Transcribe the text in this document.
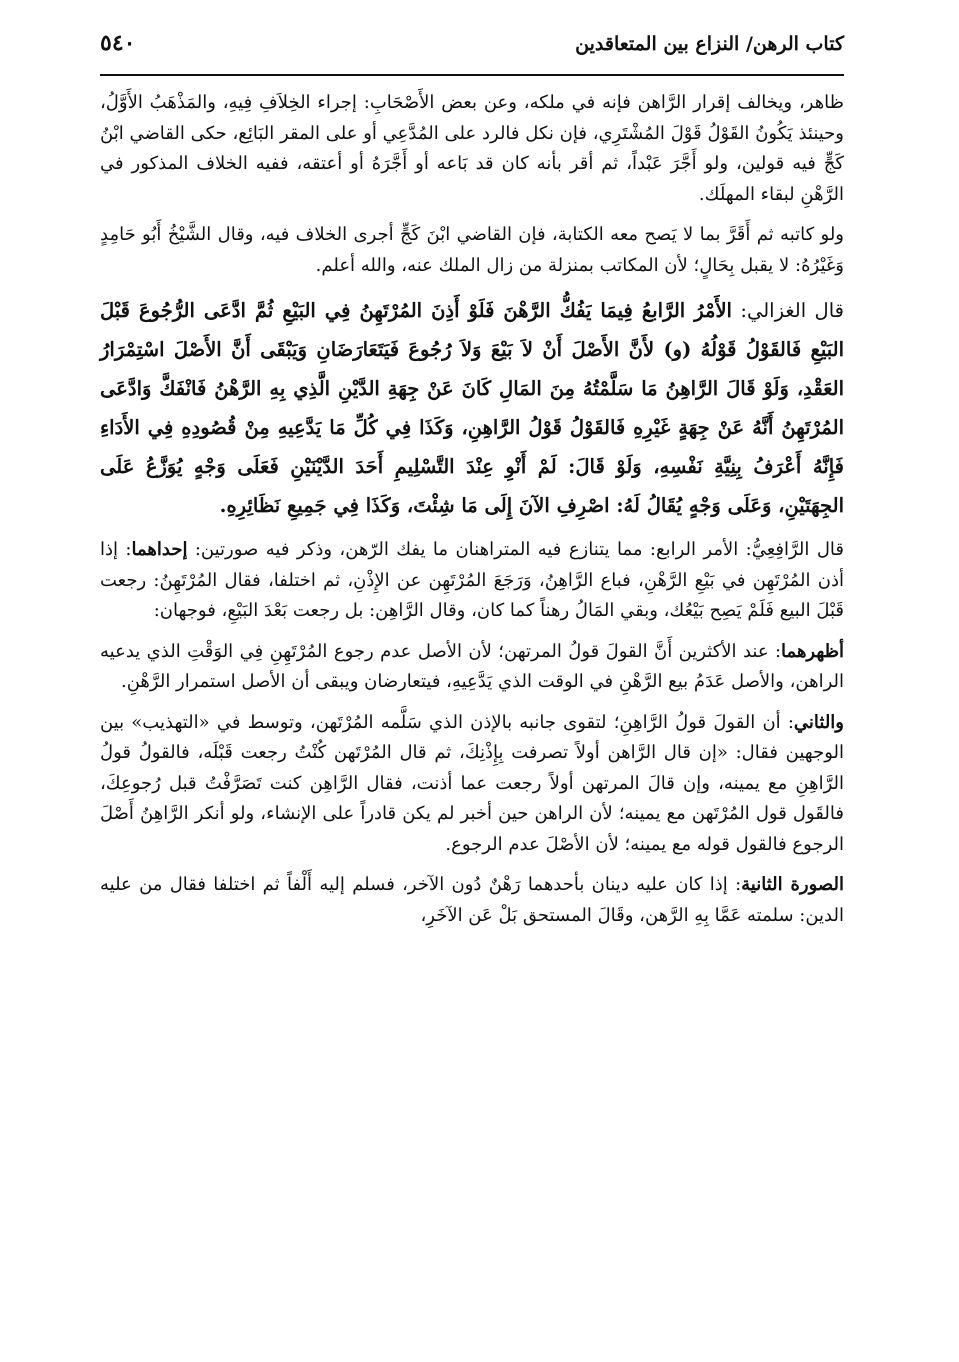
كتاب الرهن/ النزاع بين المتعاقدين
٥٤٠

ظاهر، ويخالف إقرار الرَّاهن فإنه في ملكه، وعن بعض الأَصْحَابِ: إجراء الخِلاَفِ فِيهِ، والمَذْهَبُ الأَوَّلُ، وحينئذ يَكُونُ القَوْلُ قَوْلَ المُشْتَرِي، فإن نكل فالرد على المُدَّعِي أو على المقر البَائِع، حكى القاضي ابْنُ كَجٍّ فيه قولين، ولو أَجَّرَ عَبْداً، ثم أقر بأنه كان قد بَاعه أو أَجَّرَهُ أو أعتقه، ففيه الخلاف المذكور في الرَّهْنِ لبقاء المهلَك.

ولو كاتبه ثم أَقَرَّ بما لا يَصح معه الكتابة، فإن القاضي ابْنَ كَجٍّ أجرى الخلاف فيه، وقال الشَّيْخُ أَبُو حَامِدٍ وَغَيْرُهُ: لا يقبل بِحَالٍ؛ لأن المكاتب بمنزلة من زال الملك عنه، والله أعلم.

قال الغزالي: الأَمْرُ الرَّابعُ فِيمَا يَفُكُّ الرَّهْنَ فَلَوْ أَذِنَ المُرْتَهِنُ فِي البَيْعِ ثُمَّ ادَّعَى الرُّجُوعَ قَبْلَ البَيْعِ فَالقَوْلُ قَوْلُهُ (و) لأَنَّ الأَصْلَ أَنْ لاَ بَيْعَ وَلاَ رُجُوعَ فَيَتَعَارَضَانِ وَيَبْقَى أَنَّ الأَصْلَ اسْتِمْرَارُ العَقْدِ، وَلَوْ قَالَ الرَّاهِنُ مَا سَلَّمْتُهُ مِنَ المَالِ كَانَ عَنْ جِهَةِ الدَّيْنِ الَّذِي بِهِ الرَّهْنُ فَانْفَكَّ وَادَّعَى المُرْتَهِنُ أَنَّهُ عَنْ جِهَةٍ غَيْرِهِ فَالقَوْلُ قَوْلُ الرَّاهِنِ، وَكَذَا فِي كُلِّ مَا يَدَّعِيهِ مِنْ قُصُودِهِ فِي الأَدَاءِ فَإِنَّهُ أَعْرَفُ بِنِيَّةِ نَفْسِهِ، وَلَوْ قَالَ: لَمْ أَنْوِ عِنْدَ التَّسْلِيمِ أَحَدَ الدَّيْنَيْنِ فَعَلَى وَجْهٍ يُوَزَّعُ عَلَى الجِهَتَيْنِ، وَعَلَى وَجْهٍ يُقَالُ لَهُ: اصْرِفِ الآنَ إِلَى مَا شِئْتَ، وَكَذَا فِي جَمِيعِ نَظَائِرِهِ.

قال الرَّافِعِيُّ: الأمر الرابع: مما يتنازع فيه المتراهنان ما يفك الرّهن، وذكر فيه صورتين: إحداهما: إذا أذن المُرْتَهِن في بَيْعِ الرَّهْنِ، فباع الرَّاهِنُ، وَرَجَعَ المُرْتَهِن عن الإِذْنِ، ثم اختلفا، فقال المُرْتَهِنُ: رجعت قَبْلَ البيع فَلَمْ يَصِح بَيْعُك، وبقي المَالُ رهناً كما كان، وقال الرَّاهِن: بل رجعت بَعْدَ البَيْعِ، فوجهان:

أظهرهما: عند الأكثرين أَنَّ القولَ قولُ المرتهن؛ لأن الأصل عدم رجوع المُرْتَهِنِ فِي الوَقْتِ الذي يدعيه الراهن، والأصل عَدَمُ بيع الرَّهْنِ في الوقت الذي يَدَّعِيهِ، فيتعارضان ويبقى أن الأصل استمرار الرَّهْنِ.

والثاني: أن القولَ قولُ الرَّاهِنِ؛ لتقوى جانبه بالإذن الذي سَلَّمه المُرْتَهن، وتوسط في «التهذيب» بين الوجهين فقال: «إن قال الرَّاهن أولاً تصرفت بِإِذْنِكَ، ثم قال المُرْتَهن كُنْتُ رجعت قَبْلَه، فالقولُ قولُ الرَّاهِنِ مع يمينه، وإن قالَ المرتهن أولاً رجعت عما أذنت، فقال الرَّاهِن كنت تَصَرَّفْتُ قبل رُجوعِكَ، فالقَول قول المُرْتَهن مع يمينه؛ لأن الراهن حين أخبر لم يكن قادراً على الإنشاء، ولو أنكر الرَّاهِنُ أَصْلَ الرجوع فالقول قوله مع يمينه؛ لأن الأصْلَ عدم الرجوع.

الصورة الثانية: إذا كان عليه دينان بأحدهما رَهْنٌ دُون الآخر، فسلم إليه أَلْفاً ثم اختلفا فقال من عليه الدين: سلمته عَمَّا بِهِ الرَّهن، وقَالَ المستحق بَلْ عَن الآخَرِ،
